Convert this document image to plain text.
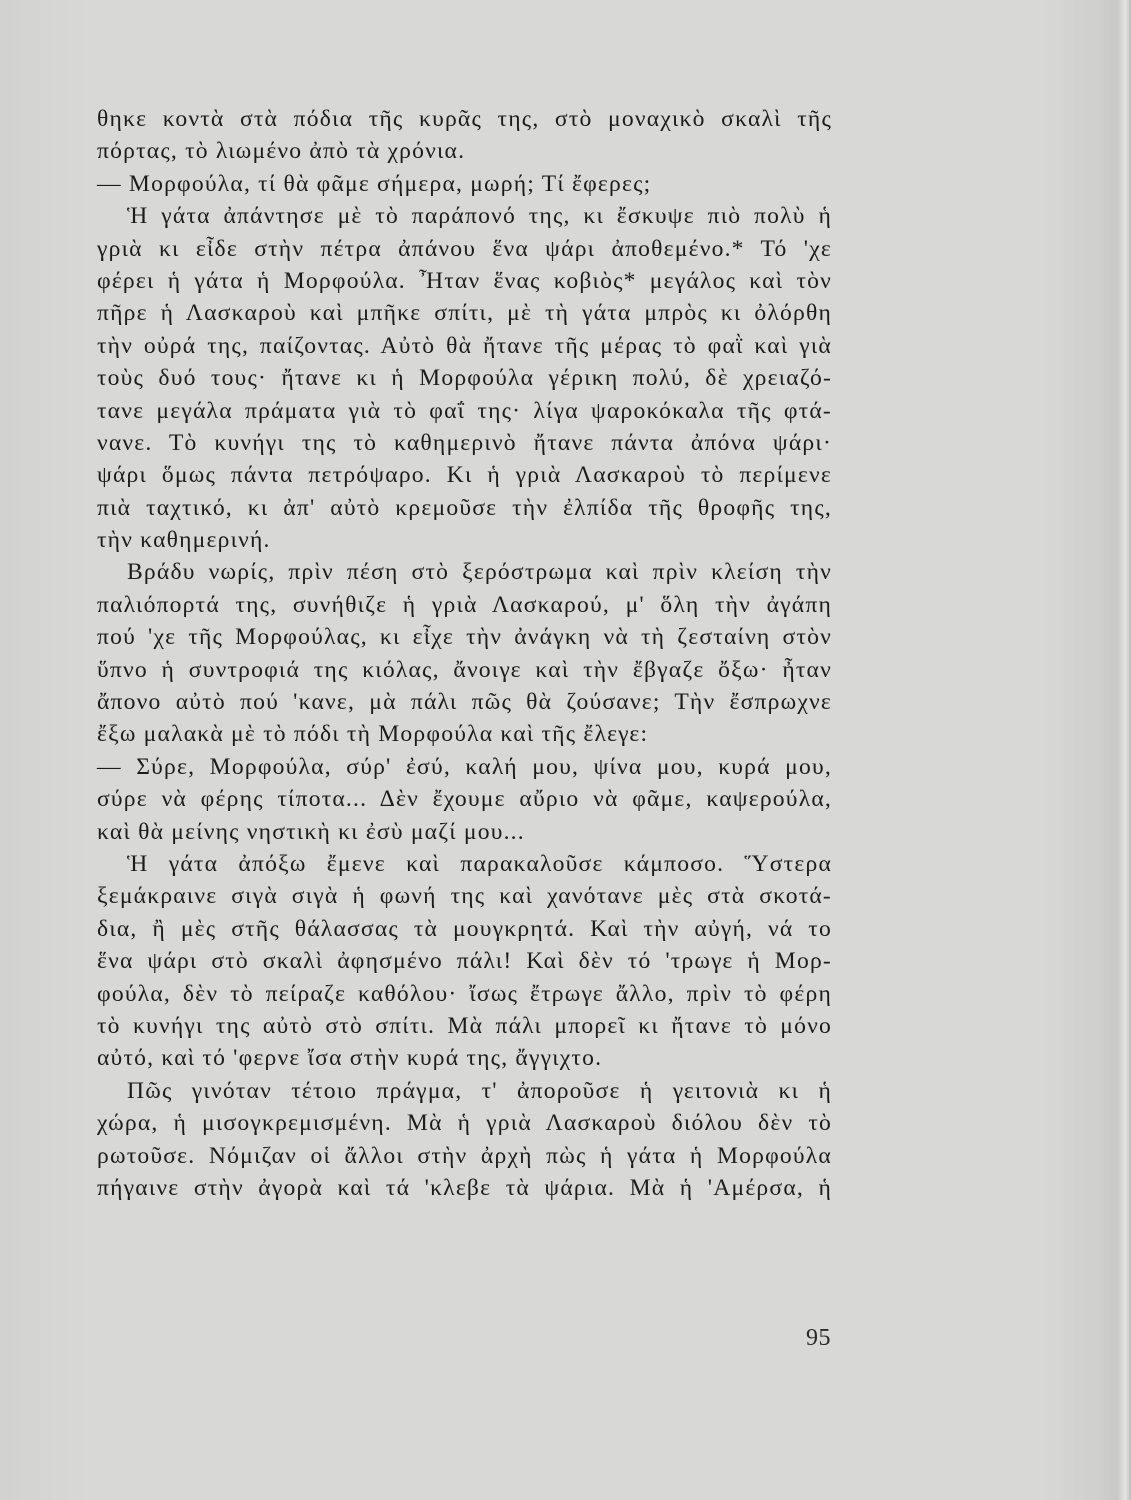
θηκε κοντὰ στὰ πόδια τῆς κυρᾶς της, στὸ μοναχικὸ σκαλὶ τῆς
πόρτας, τὸ λιωμένο ἀπὸ τὰ χρόνια.
— Μορφούλα, τί θὰ φᾶμε σήμερα, μωρή; Τί ἔφερες;
Ἡ γάτα ἀπάντησε μὲ τὸ παράπονό της, κι ἔσκυψε πιὸ πολὺ ἡ
γριὰ κι εἶδε στὴν πέτρα ἀπάνου ἕνα ψάρι ἀποθεμένο.* Τό 'χε
φέρει ἡ γάτα ἡ Μορφούλα. Ἦταν ἕνας κοβιὸς* μεγάλος καὶ τὸν
πῆρε ἡ Λασκαροὺ καὶ μπῆκε σπίτι, μὲ τὴ γάτα μπρὸς κι ὀλόρθη
τὴν οὐρά της, παίζοντας. Αὐτὸ θὰ ἤτανε τῆς μέρας τὸ φαῒ καὶ γιὰ
τοὺς δυό τους· ἤτανε κι ἡ Μορφούλα γέρικη πολύ, δὲ χρειαζό-
τανε μεγάλα πράματα γιὰ τὸ φαΐ της· λίγα ψαροκόκαλα τῆς φτά-
νανε. Τὸ κυνήγι της τὸ καθημερινὸ ἤτανε πάντα ἀπόνα ψάρι·
ψάρι ὅμως πάντα πετρόψαρο. Κι ἡ γριὰ Λασκαροὺ τὸ περίμενε
πιὰ ταχτικό, κι ἀπ' αὐτὸ κρεμοῦσε τὴν ἐλπίδα τῆς θροφῆς της,
τὴν καθημερινή.
Βράδυ νωρίς, πρὶν πέση στὸ ξερόστρωμα καὶ πρὶν κλείση τὴν
παλιόπορτά της, συνήθιζε ἡ γριὰ Λασκαρού, μ' ὅλη τὴν ἀγάπη
πού 'χε τῆς Μορφούλας, κι εἶχε τὴν ἀνάγκη νὰ τὴ ζεσταίνη στὸν
ὕπνο ἡ συντροφιά της κιόλας, ἄνοιγε καὶ τὴν ἔβγαζε ὄξω· ἦταν
ἄπονο αὐτὸ πού 'κανε, μὰ πάλι πῶς θὰ ζούσανε; Τὴν ἔσπρωχνε
ἔξω μαλακὰ μὲ τὸ πόδι τὴ Μορφούλα καὶ τῆς ἔλεγε:
— Σύρε, Μορφούλα, σύρ' ἐσύ, καλή μου, ψίνα μου, κυρά μου,
σύρε νὰ φέρης τίποτα... Δὲν ἔχουμε αὔριο νὰ φᾶμε, καψερούλα,
καὶ θὰ μείνης νηστικὴ κι ἐσὺ μαζί μου...
Ἡ γάτα ἀπόξω ἔμενε καὶ παρακαλοῦσε κάμποσο. Ὕστερα
ξεμάκραινε σιγὰ σιγὰ ἡ φωνή της καὶ χανότανε μὲς στὰ σκοτά-
δια, ἢ μὲς στῆς θάλασσας τὰ μουγκρητά. Καὶ τὴν αὐγή, νά το
ἕνα ψάρι στὸ σκαλὶ ἀφησμένο πάλι! Καὶ δὲν τό 'τρωγε ἡ Μορ-
φούλα, δὲν τὸ πείραζε καθόλου· ἴσως ἔτρωγε ἄλλο, πρὶν τὸ φέρη
τὸ κυνήγι της αὐτὸ στὸ σπίτι. Μὰ πάλι μπορεῖ κι ἤτανε τὸ μόνο
αὐτό, καὶ τό 'φερνε ἴσα στὴν κυρά της, ἄγγιχτο.
Πῶς γινόταν τέτοιο πράγμα, τ' ἀποροῦσε ἡ γειτονιὰ κι ἡ
χώρα, ἡ μισογκρεμισμένη. Μὰ ἡ γριὰ Λασκαροὺ διόλου δὲν τὸ
ρωτοῦσε. Νόμιζαν οἱ ἄλλοι στὴν ἀρχὴ πὼς ἡ γάτα ἡ Μορφούλα
πήγαινε στὴν ἀγορὰ καὶ τά 'κλεβε τὰ ψάρια. Μὰ ἡ 'Αμέρσα, ἡ
95
